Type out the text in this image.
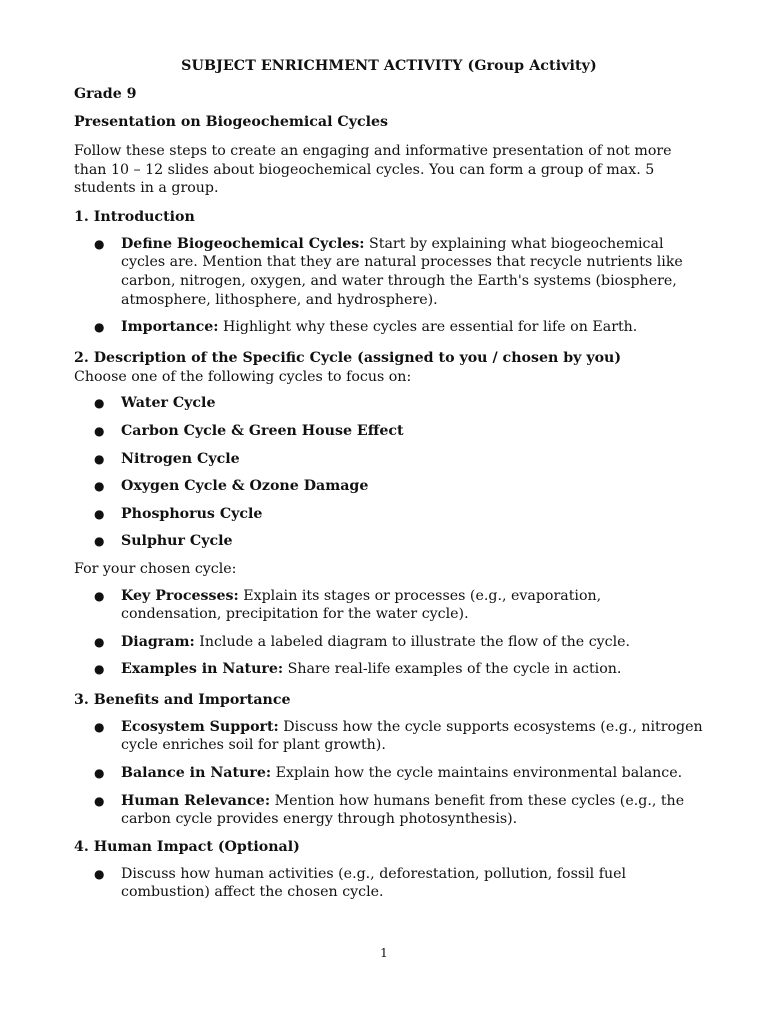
SUBJECT ENRICHMENT ACTIVITY (Group Activity)
Grade 9
Presentation on Biogeochemical Cycles
Follow these steps to create an engaging and informative presentation of not more than 10 – 12 slides about biogeochemical cycles. You can form a group of max. 5 students in a group.
1. Introduction
● Define Biogeochemical Cycles: Start by explaining what biogeochemical cycles are. Mention that they are natural processes that recycle nutrients like carbon, nitrogen, oxygen, and water through the Earth's systems (biosphere, atmosphere, lithosphere, and hydrosphere).
● Importance: Highlight why these cycles are essential for life on Earth.
2. Description of the Specific Cycle (assigned to you / chosen by you)
Choose one of the following cycles to focus on:
● Water Cycle
● Carbon Cycle & Green House Effect
● Nitrogen Cycle
● Oxygen Cycle & Ozone Damage
● Phosphorus Cycle
● Sulphur Cycle
For your chosen cycle:
● Key Processes: Explain its stages or processes (e.g., evaporation, condensation, precipitation for the water cycle).
● Diagram: Include a labeled diagram to illustrate the flow of the cycle.
● Examples in Nature: Share real-life examples of the cycle in action.
3. Benefits and Importance
● Ecosystem Support: Discuss how the cycle supports ecosystems (e.g., nitrogen cycle enriches soil for plant growth).
● Balance in Nature: Explain how the cycle maintains environmental balance.
● Human Relevance: Mention how humans benefit from these cycles (e.g., the carbon cycle provides energy through photosynthesis).
4. Human Impact (Optional)
● Discuss how human activities (e.g., deforestation, pollution, fossil fuel combustion) affect the chosen cycle.
1
